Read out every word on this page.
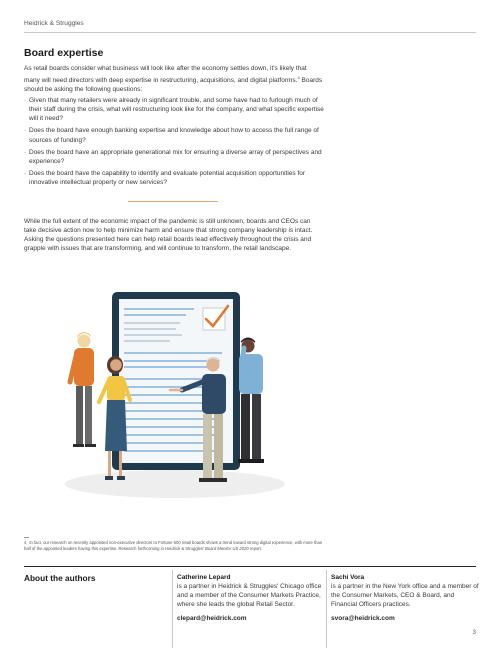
Heidrick & Struggles
Board expertise

As retail boards consider what business will look like after the economy settles down, it's likely that many will need directors with deep expertise in restructuring, acquisitions, and digital platforms.$^4$ Boards should be asking the following questions:

· Given that many retailers were already in significant trouble, and some have had to furlough much of their staff during the crisis, what will restructuring look like for the company, and what specific expertise will it need?
· Does the board have enough banking expertise and knowledge about how to access the full range of sources of funding?
· Does the board have an appropriate generational mix for ensuring a diverse array of perspectives and experience?
· Does the board have the capability to identify and evaluate potential acquisition opportunities for innovative intellectual property or new services?

While the full extent of the economic impact of the pandemic is still unknown, boards and CEOs can take decisive action now to help minimize harm and ensure that strong company leadership is intact. Asking the questions presented here can help retail boards lead effectively throughout the crisis and grapple with issues that are transforming, and will continue to transform, the retail landscape.

4 In fact, our research on recently appointed non-executive directors to Fortune 500 retail boards shows a trend toward strong digital experience, with more than half of the appointed leaders having this expertise. Research forthcoming in Heidrick & Struggles' Board Monitor US 2020 report.

About the authors	Catherine Lepard
is a partner in Heidrick & Struggles' Chicago office and a member of the Consumer Markets Practice, where she leads the global Retail Sector.
clepard@heidrick.com
Sachi Vora
is a partner in the New York office and a member of the Consumer Markets, CEO & Board, and Financial Officers practices.
svora@heidrick.com
3
